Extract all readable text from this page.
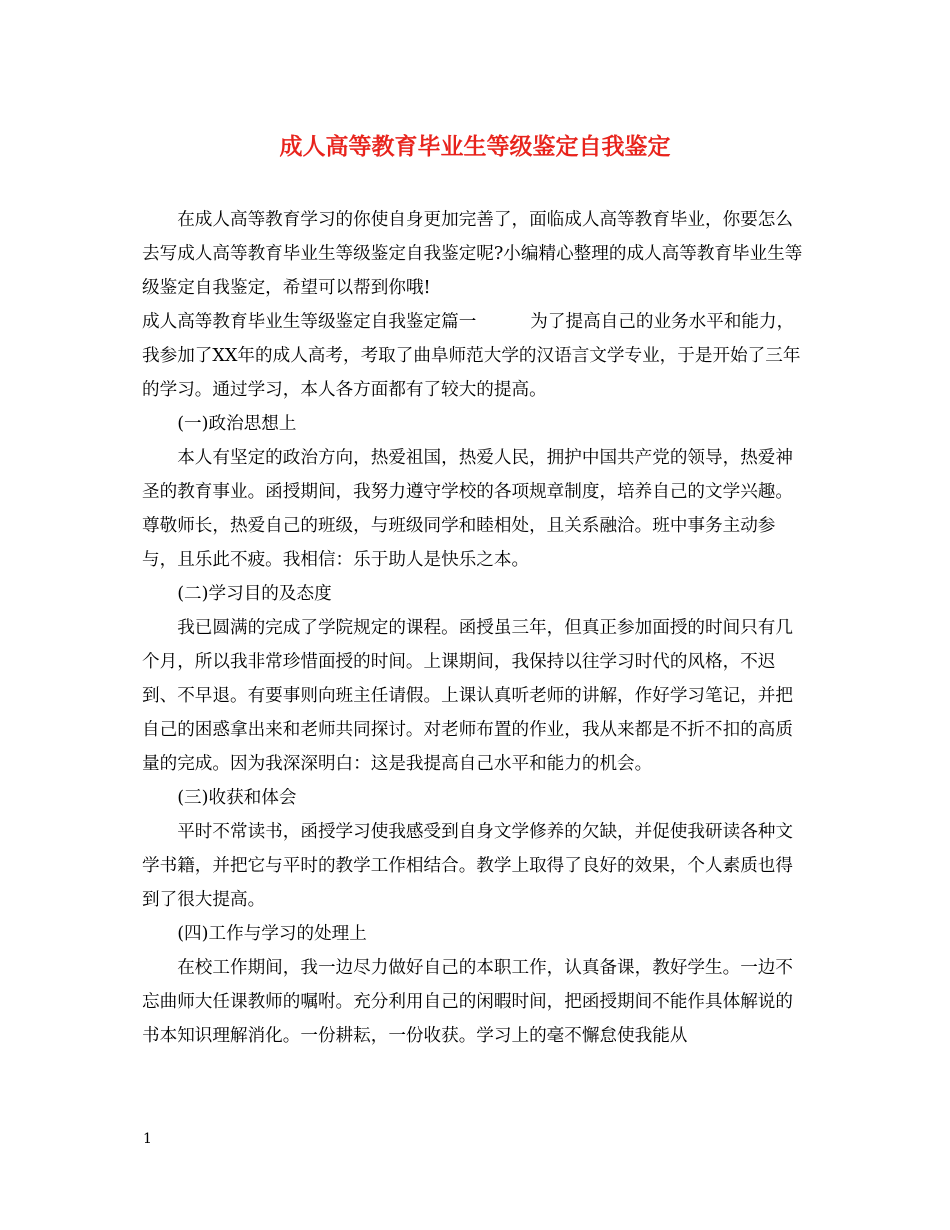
成人高等教育毕业生等级鉴定自我鉴定

在成人高等教育学习的你使自身更加完善了，面临成人高等教育毕业，你要怎么去写成人高等教育毕业生等级鉴定自我鉴定呢?小编精心整理的成人高等教育毕业生等级鉴定自我鉴定，希望可以帮到你哦!

成人高等教育毕业生等级鉴定自我鉴定篇一	为了提高自己的业务水平和能力，我参加了XX年的成人高考，考取了曲阜师范大学的汉语言文学专业，于是开始了三年的学习。通过学习，本人各方面都有了较大的提高。

(一)政治思想上

本人有坚定的政治方向，热爱祖国，热爱人民，拥护中国共产党的领导，热爱神圣的教育事业。函授期间，我努力遵守学校的各项规章制度，培养自己的文学兴趣。尊敬师长，热爱自己的班级，与班级同学和睦相处，且关系融洽。班中事务主动参与，且乐此不疲。我相信：乐于助人是快乐之本。

(二)学习目的及态度

我已圆满的完成了学院规定的课程。函授虽三年，但真正参加面授的时间只有几个月，所以我非常珍惜面授的时间。上课期间，我保持以往学习时代的风格，不迟到、不早退。有要事则向班主任请假。上课认真听老师的讲解，作好学习笔记，并把自己的困惑拿出来和老师共同探讨。对老师布置的作业，我从来都是不折不扣的高质量的完成。因为我深深明白：这是我提高自己水平和能力的机会。

(三)收获和体会

平时不常读书，函授学习使我感受到自身文学修养的欠缺，并促使我研读各种文学书籍，并把它与平时的教学工作相结合。教学上取得了良好的效果，个人素质也得到了很大提高。

(四)工作与学习的处理上

在校工作期间，我一边尽力做好自己的本职工作，认真备课，教好学生。一边不忘曲师大任课教师的嘱咐。充分利用自己的闲暇时间，把函授期间不能作具体解说的书本知识理解消化。一份耕耘，一份收获。学习上的毫不懈怠使我能从

1
